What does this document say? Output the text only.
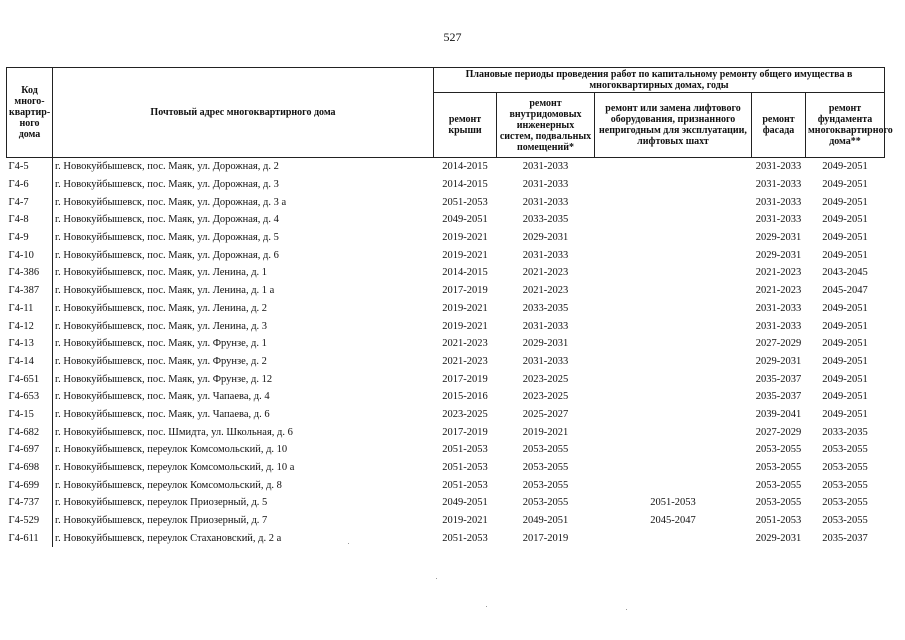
527
Код много-квартир-ного дома	Почтовый адрес многоквартирного дома	Плановые периоды проведения работ по капитальному ремонту общего имущества в многоквартирных домах, годы				
		ремонт крыши	ремонт внутридомовых инженерных систем, подвальных помещений*	ремонт или замена лифтового оборудования, признанного непригодным для эксплуатации, лифтовых шахт	ремонт фасада	ремонт фундамента многоквартирного дома**
Г4-5	г. Новокуйбышевск, пос. Маяк, ул. Дорожная, д. 2	2014-2015	2031-2033		2031-2033	2049-2051
Г4-6	г. Новокуйбышевск, пос. Маяк, ул. Дорожная, д. 3	2014-2015	2031-2033		2031-2033	2049-2051
Г4-7	г. Новокуйбышевск, пос. Маяк, ул. Дорожная, д. 3 а	2051-2053	2031-2033		2031-2033	2049-2051
Г4-8	г. Новокуйбышевск, пос. Маяк, ул. Дорожная, д. 4	2049-2051	2033-2035		2031-2033	2049-2051
Г4-9	г. Новокуйбышевск, пос. Маяк, ул. Дорожная, д. 5	2019-2021	2029-2031		2029-2031	2049-2051
Г4-10	г. Новокуйбышевск, пос. Маяк, ул. Дорожная, д. 6	2019-2021	2031-2033		2029-2031	2049-2051
Г4-386	г. Новокуйбышевск, пос. Маяк, ул. Ленина, д. 1	2014-2015	2021-2023		2021-2023	2043-2045
Г4-387	г. Новокуйбышевск, пос. Маяк, ул. Ленина, д. 1 а	2017-2019	2021-2023		2021-2023	2045-2047
Г4-11	г. Новокуйбышевск, пос. Маяк, ул. Ленина, д. 2	2019-2021	2033-2035		2031-2033	2049-2051
Г4-12	г. Новокуйбышевск, пос. Маяк, ул. Ленина, д. 3	2019-2021	2031-2033		2031-2033	2049-2051
Г4-13	г. Новокуйбышевск, пос. Маяк, ул. Фрунзе, д. 1	2021-2023	2029-2031		2027-2029	2049-2051
Г4-14	г. Новокуйбышевск, пос. Маяк, ул. Фрунзе, д. 2	2021-2023	2031-2033		2029-2031	2049-2051
Г4-651	г. Новокуйбышевск, пос. Маяк, ул. Фрунзе, д. 12	2017-2019	2023-2025		2035-2037	2049-2051
Г4-653	г. Новокуйбышевск, пос. Маяк, ул. Чапаева, д. 4	2015-2016	2023-2025		2035-2037	2049-2051
Г4-15	г. Новокуйбышевск, пос. Маяк, ул. Чапаева, д. 6	2023-2025	2025-2027		2039-2041	2049-2051
Г4-682	г. Новокуйбышевск, пос. Шмидта, ул. Школьная, д. 6	2017-2019	2019-2021		2027-2029	2033-2035
Г4-697	г. Новокуйбышевск, переулок Комсомольский, д. 10	2051-2053	2053-2055		2053-2055	2053-2055
Г4-698	г. Новокуйбышевск, переулок Комсомольский, д. 10 а	2051-2053	2053-2055		2053-2055	2053-2055
Г4-699	г. Новокуйбышевск, переулок Комсомольский, д. 8	2051-2053	2053-2055		2053-2055	2053-2055
Г4-737	г. Новокуйбышевск, переулок Приозерный, д. 5	2049-2051	2053-2055	2051-2053	2053-2055	2053-2055
Г4-529	г. Новокуйбышевск, переулок Приозерный, д. 7	2019-2021	2049-2051	2045-2047	2051-2053	2053-2055
Г4-611	г. Новокуйбышевск, переулок Стахановский, д. 2 а	2051-2053	2017-2019		2029-2031	2035-2037
